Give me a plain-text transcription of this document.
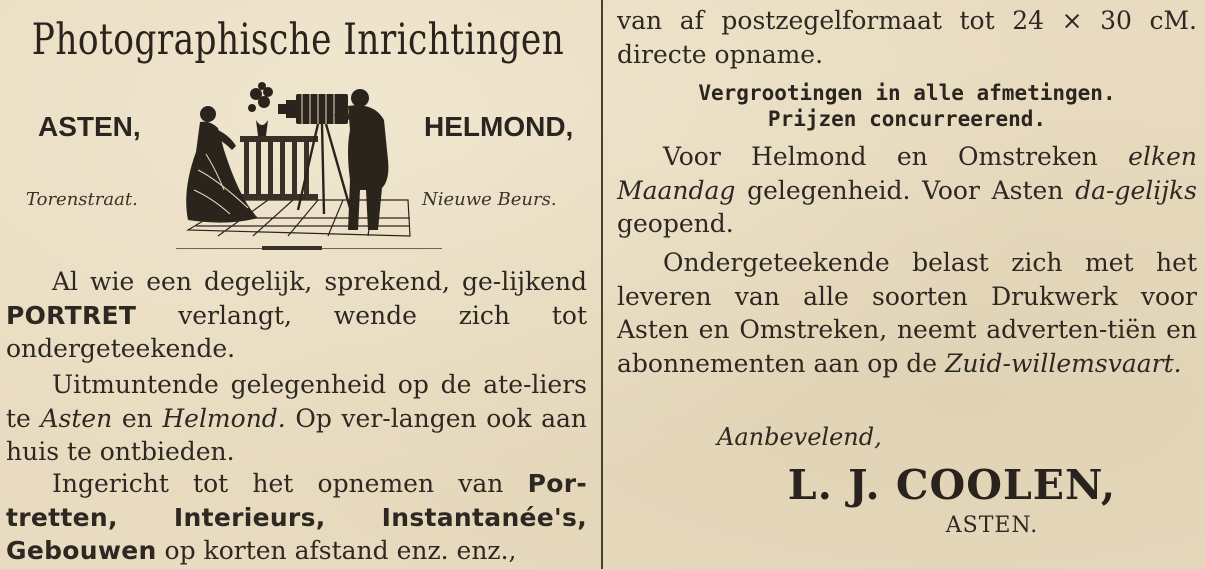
Photographische Inrichtingen
ASTEN,	HELMOND,
Torenstraat.	Nieuwe Beurs.
Al wie een degelijk, sprekend, ge-lijkend PORTRET verlangt, wende zich tot ondergeteekende.
Uitmuntende gelegenheid op de ate-liers te Asten en Helmond. Op ver-langen ook aan huis te ontbieden.
Ingericht tot het opnemen van Por-tretten, Interieurs, Instantanée's, Gebouwen op korten afstand enz. enz.,
van af postzegelformaat tot 24 × 30 cM. directe opname.
Vergrootingen in alle afmetingen.
Prijzen concurreerend.
Voor Helmond en Omstreken elken Maandag gelegenheid. Voor Asten da-gelijks geopend.
Ondergeteekende belast zich met het leveren van alle soorten Drukwerk voor Asten en Omstreken, neemt adverten-tiën en abonnementen aan op de Zuid-willemsvaart.
Aanbevelend,
L. J. COOLEN,
ASTEN.
